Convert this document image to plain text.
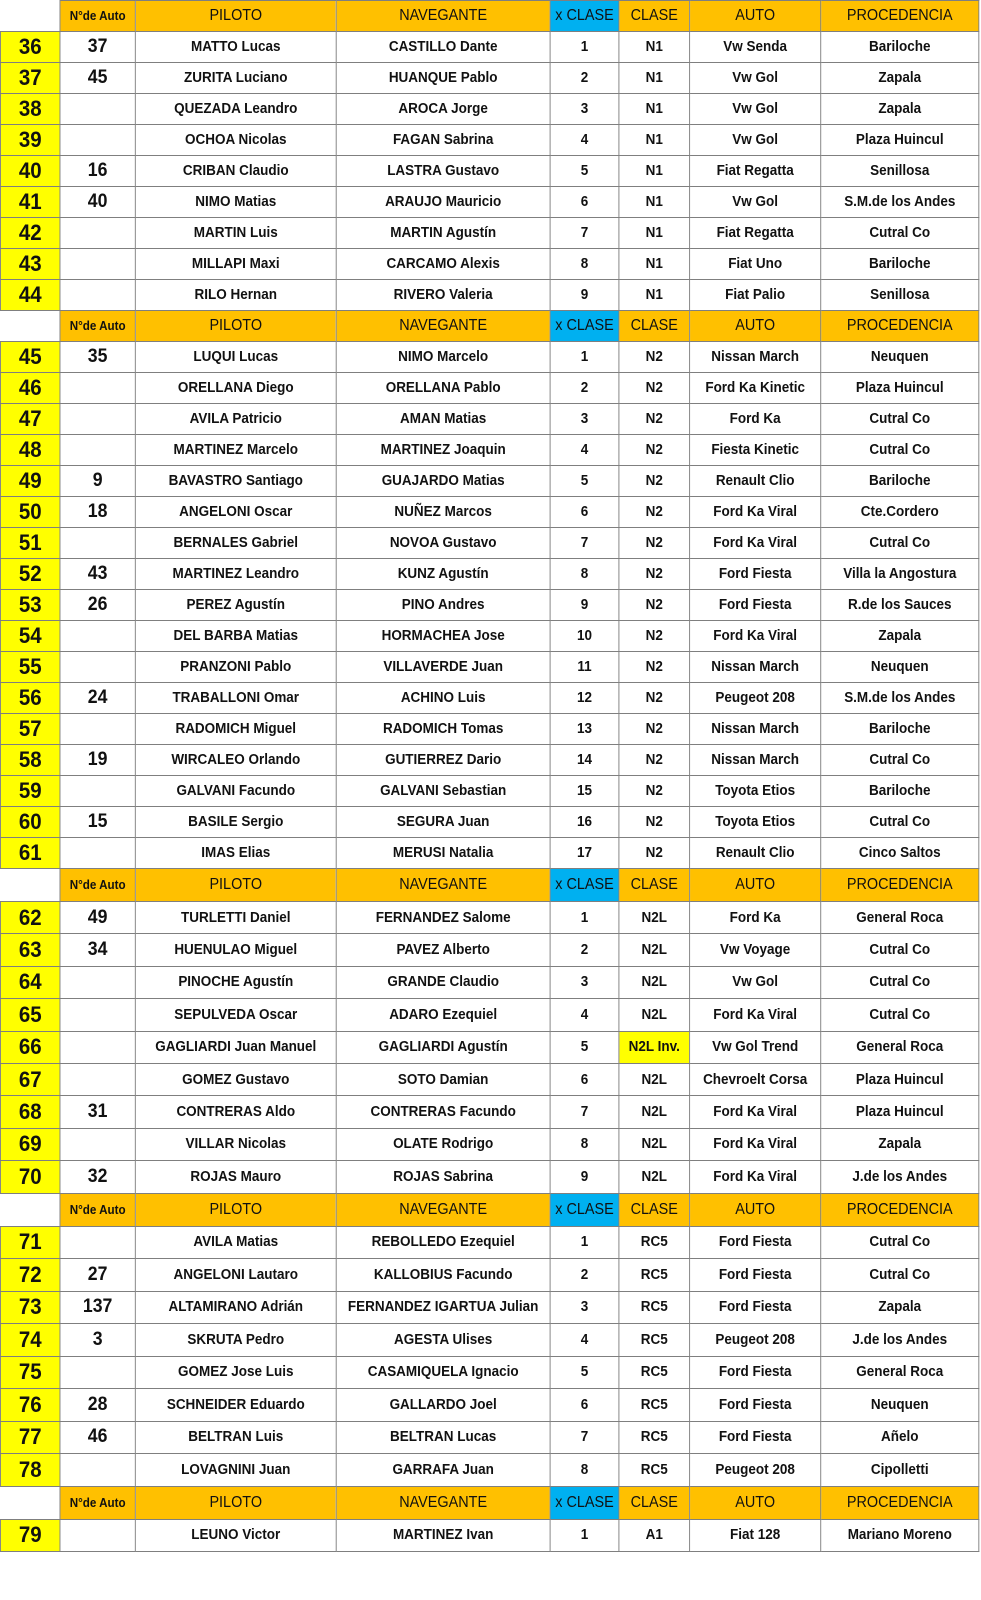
	N°de Auto	PILOTO	NAVEGANTE	x CLASE	CLASE	AUTO	PROCEDENCIA
36	37	MATTO Lucas	CASTILLO Dante	1	N1	Vw Senda	Bariloche
37	45	ZURITA Luciano	HUANQUE Pablo	2	N1	Vw Gol	Zapala
38		QUEZADA Leandro	AROCA Jorge	3	N1	Vw Gol	Zapala
39		OCHOA Nicolas	FAGAN Sabrina	4	N1	Vw Gol	Plaza Huincul
40	16	CRIBAN Claudio	LASTRA Gustavo	5	N1	Fiat Regatta	Senillosa
41	40	NIMO Matias	ARAUJO Mauricio	6	N1	Vw Gol	S.M.de los Andes
42		MARTIN Luis	MARTIN Agustín	7	N1	Fiat Regatta	Cutral Co
43		MILLAPI Maxi	CARCAMO Alexis	8	N1	Fiat Uno	Bariloche
44		RILO Hernan	RIVERO Valeria	9	N1	Fiat Palio	Senillosa
	N°de Auto	PILOTO	NAVEGANTE	x CLASE	CLASE	AUTO	PROCEDENCIA
45	35	LUQUI Lucas	NIMO Marcelo	1	N2	Nissan March	Neuquen
46		ORELLANA Diego	ORELLANA Pablo	2	N2	Ford Ka Kinetic	Plaza Huincul
47		AVILA Patricio	AMAN Matias	3	N2	Ford Ka	Cutral Co
48		MARTINEZ Marcelo	MARTINEZ Joaquin	4	N2	Fiesta Kinetic	Cutral Co
49	9	BAVASTRO Santiago	GUAJARDO Matias	5	N2	Renault Clio	Bariloche
50	18	ANGELONI Oscar	NUÑEZ Marcos	6	N2	Ford Ka Viral	Cte.Cordero
51		BERNALES Gabriel	NOVOA Gustavo	7	N2	Ford Ka Viral	Cutral Co
52	43	MARTINEZ Leandro	KUNZ Agustín	8	N2	Ford Fiesta	Villa la Angostura
53	26	PEREZ Agustín	PINO Andres	9	N2	Ford Fiesta	R.de los Sauces
54		DEL BARBA Matias	HORMACHEA Jose	10	N2	Ford Ka Viral	Zapala
55		PRANZONI Pablo	VILLAVERDE Juan	11	N2	Nissan March	Neuquen
56	24	TRABALLONI Omar	ACHINO Luis	12	N2	Peugeot 208	S.M.de los Andes
57		RADOMICH Miguel	RADOMICH Tomas	13	N2	Nissan March	Bariloche
58	19	WIRCALEO Orlando	GUTIERREZ Dario	14	N2	Nissan March	Cutral Co
59		GALVANI Facundo	GALVANI Sebastian	15	N2	Toyota Etios	Bariloche
60	15	BASILE Sergio	SEGURA Juan	16	N2	Toyota Etios	Cutral Co
61		IMAS Elias	MERUSI Natalia	17	N2	Renault Clio	Cinco Saltos
	N°de Auto	PILOTO	NAVEGANTE	x CLASE	CLASE	AUTO	PROCEDENCIA
62	49	TURLETTI Daniel	FERNANDEZ Salome	1	N2L	Ford Ka	General Roca
63	34	HUENULAO Miguel	PAVEZ Alberto	2	N2L	Vw Voyage	Cutral Co
64		PINOCHE Agustín	GRANDE Claudio	3	N2L	Vw Gol	Cutral Co
65		SEPULVEDA Oscar	ADARO Ezequiel	4	N2L	Ford Ka Viral	Cutral Co
66		GAGLIARDI Juan Manuel	GAGLIARDI Agustín	5	N2L Inv.	Vw Gol Trend	General Roca
67		GOMEZ Gustavo	SOTO Damian	6	N2L	Chevroelt Corsa	Plaza Huincul
68	31	CONTRERAS Aldo	CONTRERAS Facundo	7	N2L	Ford Ka Viral	Plaza Huincul
69		VILLAR Nicolas	OLATE Rodrigo	8	N2L	Ford Ka Viral	Zapala
70	32	ROJAS Mauro	ROJAS Sabrina	9	N2L	Ford Ka Viral	J.de los Andes
	N°de Auto	PILOTO	NAVEGANTE	x CLASE	CLASE	AUTO	PROCEDENCIA
71		AVILA Matias	REBOLLEDO Ezequiel	1	RC5	Ford Fiesta	Cutral Co
72	27	ANGELONI Lautaro	KALLOBIUS Facundo	2	RC5	Ford Fiesta	Cutral Co
73	137	ALTAMIRANO Adrián	FERNANDEZ IGARTUA Julian	3	RC5	Ford Fiesta	Zapala
74	3	SKRUTA Pedro	AGESTA Ulises	4	RC5	Peugeot 208	J.de los Andes
75		GOMEZ Jose Luis	CASAMIQUELA Ignacio	5	RC5	Ford Fiesta	General Roca
76	28	SCHNEIDER Eduardo	GALLARDO Joel	6	RC5	Ford Fiesta	Neuquen
77	46	BELTRAN Luis	BELTRAN Lucas	7	RC5	Ford Fiesta	Añelo
78		LOVAGNINI Juan	GARRAFA Juan	8	RC5	Peugeot 208	Cipolletti
	N°de Auto	PILOTO	NAVEGANTE	x CLASE	CLASE	AUTO	PROCEDENCIA
79		LEUNO Victor	MARTINEZ Ivan	1	A1	Fiat 128	Mariano Moreno
